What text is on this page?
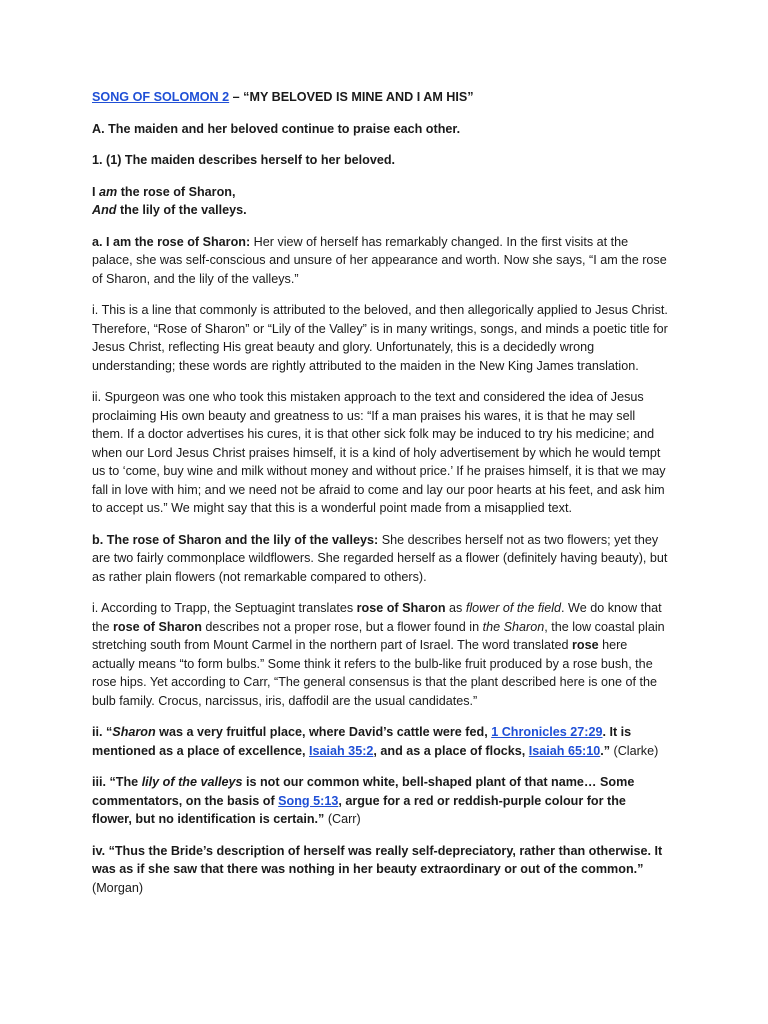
SONG OF SOLOMON 2 – “MY BELOVED IS MINE AND I AM HIS”

A. The maiden and her beloved continue to praise each other.

1. (1) The maiden describes herself to her beloved.

I am the rose of Sharon,
And the lily of the valleys.

a. I am the rose of Sharon: Her view of herself has remarkably changed. In the first visits at the palace, she was self-conscious and unsure of her appearance and worth. Now she says, “I am the rose of Sharon, and the lily of the valleys.”

i. This is a line that commonly is attributed to the beloved, and then allegorically applied to Jesus Christ. Therefore, “Rose of Sharon” or “Lily of the Valley” is in many writings, songs, and minds a poetic title for Jesus Christ, reflecting His great beauty and glory. Unfortunately, this is a decidedly wrong understanding; these words are rightly attributed to the maiden in the New King James translation.

ii. Spurgeon was one who took this mistaken approach to the text and considered the idea of Jesus proclaiming His own beauty and greatness to us: “If a man praises his wares, it is that he may sell them. If a doctor advertises his cures, it is that other sick folk may be induced to try his medicine; and when our Lord Jesus Christ praises himself, it is a kind of holy advertisement by which he would tempt us to ‘come, buy wine and milk without money and without price.’ If he praises himself, it is that we may fall in love with him; and we need not be afraid to come and lay our poor hearts at his feet, and ask him to accept us.” We might say that this is a wonderful point made from a misapplied text.

b. The rose of Sharon and the lily of the valleys: She describes herself not as two flowers; yet they are two fairly commonplace wildflowers. She regarded herself as a flower (definitely having beauty), but as rather plain flowers (not remarkable compared to others).

i. According to Trapp, the Septuagint translates rose of Sharon as flower of the field. We do know that the rose of Sharon describes not a proper rose, but a flower found in the Sharon, the low coastal plain stretching south from Mount Carmel in the northern part of Israel. The word translated rose here actually means “to form bulbs.” Some think it refers to the bulb-like fruit produced by a rose bush, the rose hips. Yet according to Carr, “The general consensus is that the plant described here is one of the bulb family. Crocus, narcissus, iris, daffodil are the usual candidates.”

ii. “Sharon was a very fruitful place, where David’s cattle were fed, 1 Chronicles 27:29. It is mentioned as a place of excellence, Isaiah 35:2, and as a place of flocks, Isaiah 65:10.” (Clarke)

iii. “The lily of the valleys is not our common white, bell-shaped plant of that name… Some commentators, on the basis of Song 5:13, argue for a red or reddish-purple colour for the flower, but no identification is certain.” (Carr)

iv. “Thus the Bride’s description of herself was really self-depreciatory, rather than otherwise. It was as if she saw that there was nothing in her beauty extraordinary or out of the common.” (Morgan)
